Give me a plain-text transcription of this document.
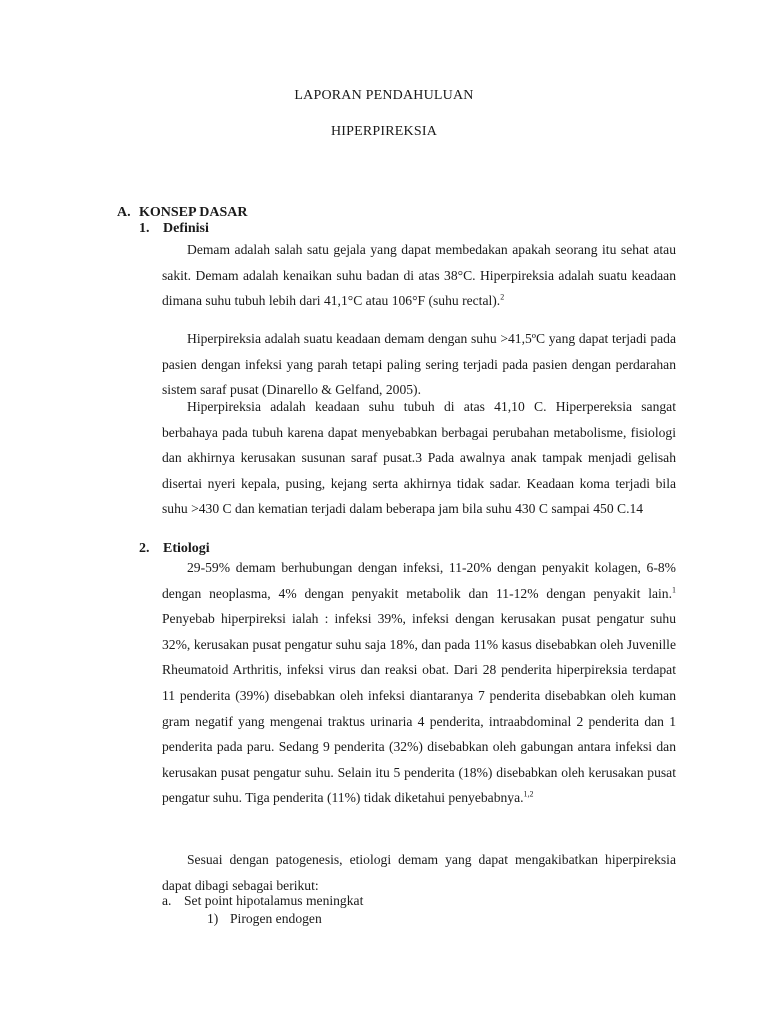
LAPORAN PENDAHULUAN
HIPERPIREKSIA
A. KONSEP DASAR
1. Definisi

Demam adalah salah satu gejala yang dapat membedakan apakah seorang itu sehat atau sakit. Demam adalah kenaikan suhu badan di atas 38°C. Hiperpireksia adalah suatu keadaan dimana suhu tubuh lebih dari 41,1°C atau 106°F (suhu rectal).$^2$

Hiperpireksia adalah suatu keadaan demam dengan suhu >41,5ºC yang dapat terjadi pada pasien dengan infeksi yang parah tetapi paling sering terjadi pada pasien dengan perdarahan sistem saraf pusat (Dinarello & Gelfand, 2005).

Hiperpireksia adalah keadaan suhu tubuh di atas 41,10 C. Hiperpereksia sangat berbahaya pada tubuh karena dapat menyebabkan berbagai perubahan metabolisme, fisiologi dan akhirnya kerusakan susunan saraf pusat.3 Pada awalnya anak tampak menjadi gelisah disertai nyeri kepala, pusing, kejang serta akhirnya tidak sadar. Keadaan koma terjadi bila suhu >430 C dan kematian terjadi dalam beberapa jam bila suhu 430 C sampai 450 C.14

2. Etiologi

29-59% demam berhubungan dengan infeksi, 11-20% dengan penyakit kolagen, 6-8% dengan neoplasma, 4% dengan penyakit metabolik dan 11-12% dengan penyakit lain.$^1$ Penyebab hiperpireksi ialah : infeksi 39%, infeksi dengan kerusakan pusat pengatur suhu 32%, kerusakan pusat pengatur suhu saja 18%, dan pada 11% kasus disebabkan oleh Juvenille Rheumatoid Arthritis, infeksi virus dan reaksi obat. Dari 28 penderita hiperpireksia terdapat 11 penderita (39%) disebabkan oleh infeksi diantaranya 7 penderita disebabkan oleh kuman gram negatif yang mengenai traktus urinaria 4 penderita, intraabdominal 2 penderita dan 1 penderita pada paru. Sedang 9 penderita (32%) disebabkan oleh gabungan antara infeksi dan kerusakan pusat pengatur suhu. Selain itu 5 penderita (18%) disebabkan oleh kerusakan pusat pengatur suhu. Tiga penderita (11%) tidak diketahui penyebabnya.$^{1,2}$

Sesuai dengan patogenesis, etiologi demam yang dapat mengakibatkan hiperpireksia dapat dibagi sebagai berikut:

a. Set point hipotalamus meningkat
1) Pirogen endogen
